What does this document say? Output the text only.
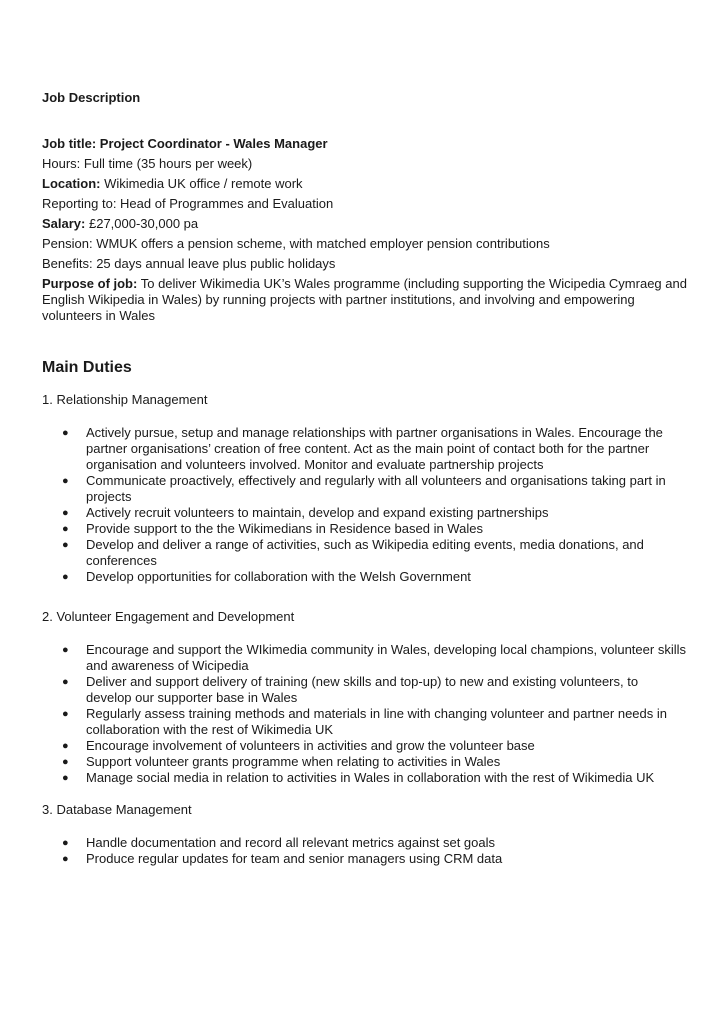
Job Description

Job title: Project Coordinator - Wales Manager

Hours: Full time (35 hours per week)

Location: Wikimedia UK office / remote work

Reporting to: Head of Programmes and Evaluation

Salary: £27,000-30,000 pa

Pension: WMUK offers a pension scheme, with matched employer pension contributions

Benefits: 25 days annual leave plus public holidays

Purpose of job: To deliver Wikimedia UK’s Wales programme (including supporting the Wicipedia Cymraeg and English Wikipedia in Wales) by running projects with partner institutions, and involving and empowering volunteers in Wales

Main Duties

1. Relationship Management

● Actively pursue, setup and manage relationships with partner organisations in Wales. Encourage the partner organisations’ creation of free content. Act as the main point of contact both for the partner organisation and volunteers involved. Monitor and evaluate partnership projects
● Communicate proactively, effectively and regularly with all volunteers and organisations taking part in projects
● Actively recruit volunteers to maintain, develop and expand existing partnerships
● Provide support to the the Wikimedians in Residence based in Wales
● Develop and deliver a range of activities, such as Wikipedia editing events, media donations, and conferences
● Develop opportunities for collaboration with the Welsh Government

2. Volunteer Engagement and Development

● Encourage and support the WIkimedia community in Wales, developing local champions, volunteer skills and awareness of Wicipedia
● Deliver and support delivery of training (new skills and top-up) to new and existing volunteers, to develop our supporter base in Wales
● Regularly assess training methods and materials in line with changing volunteer and partner needs in collaboration with the rest of Wikimedia UK
● Encourage involvement of volunteers in activities and grow the volunteer base
● Support volunteer grants programme when relating to activities in Wales
● Manage social media in relation to activities in Wales in collaboration with the rest of Wikimedia UK

3. Database Management

● Handle documentation and record all relevant metrics against set goals
● Produce regular updates for team and senior managers using CRM data
